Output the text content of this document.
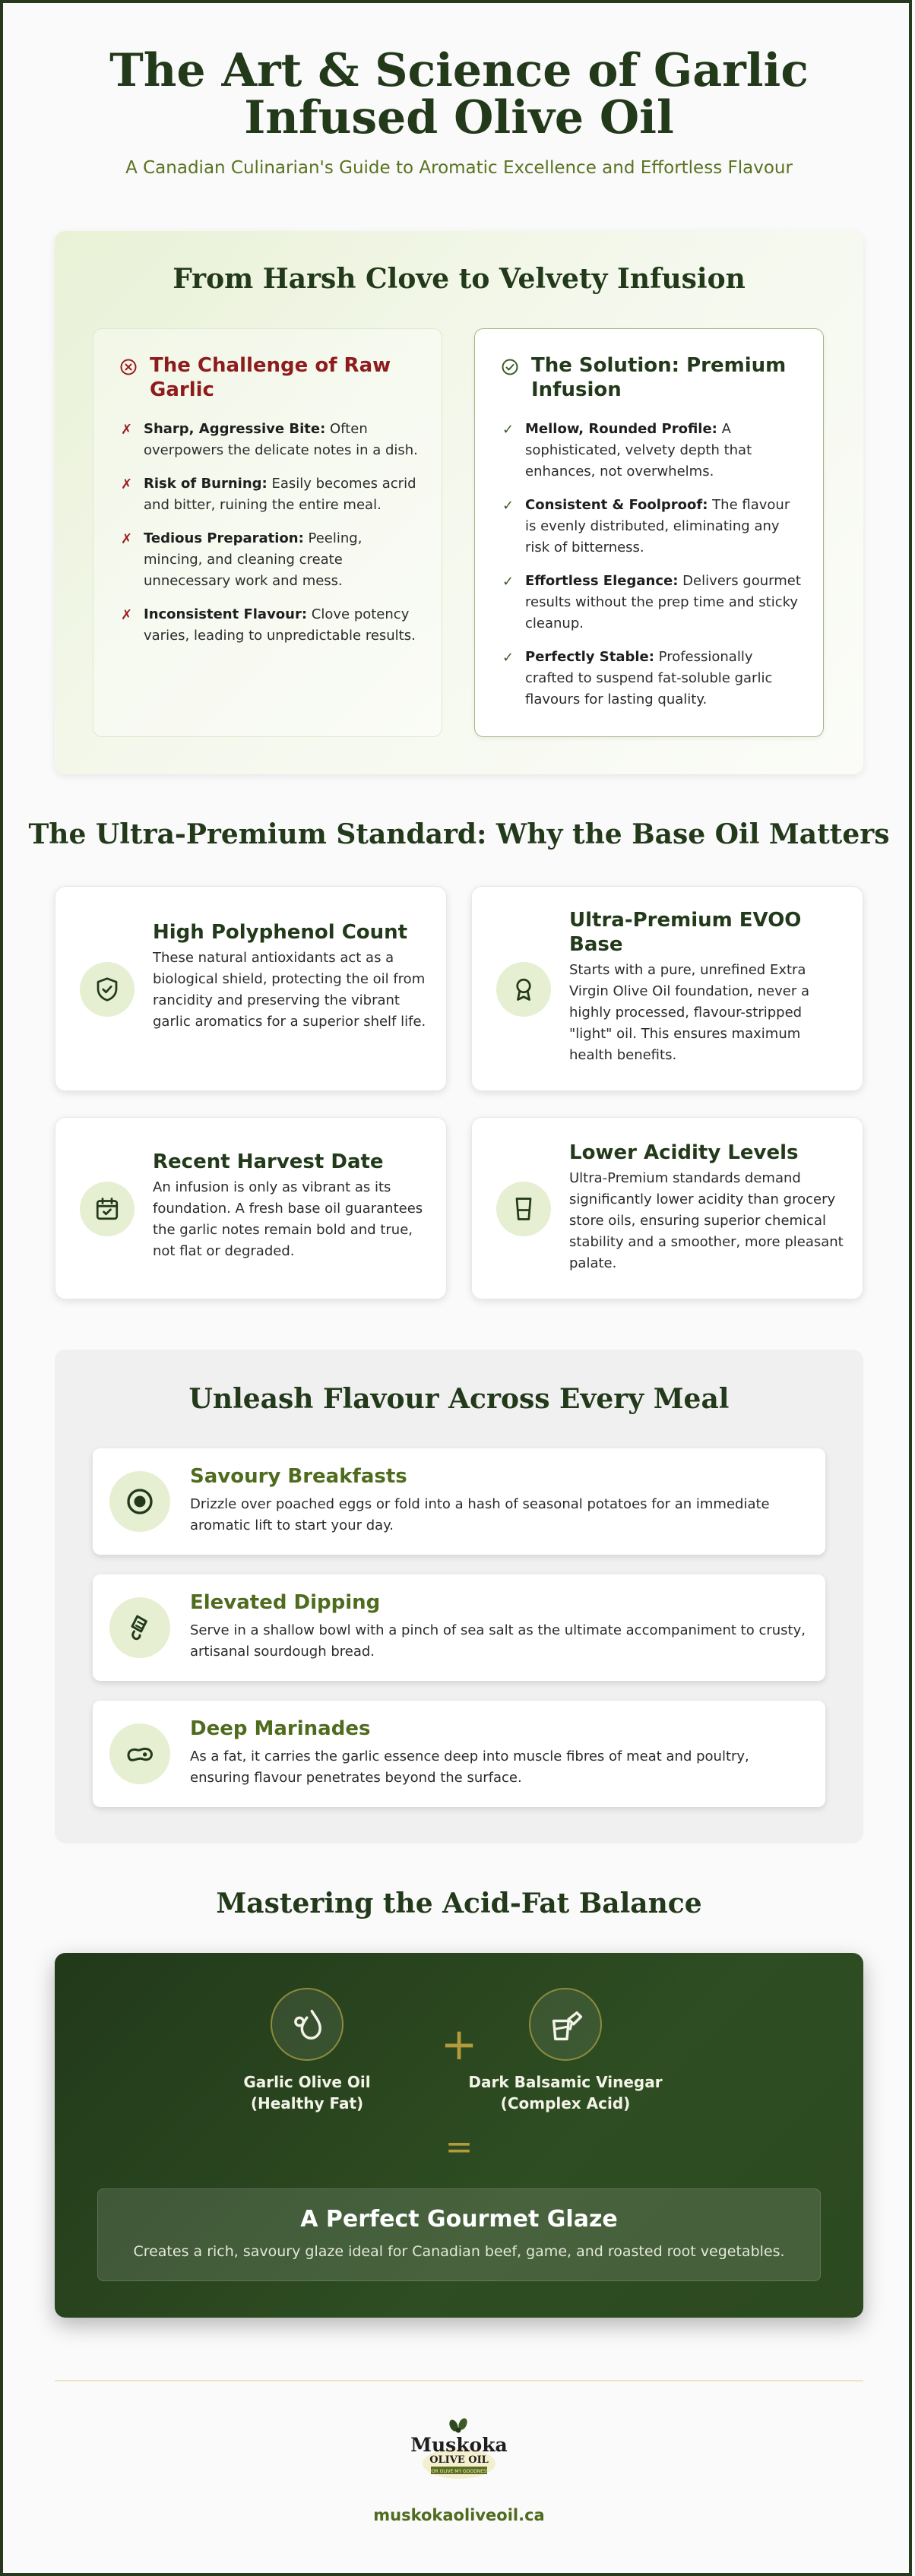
The Art & Science of Garlic Infused Olive Oil
A Canadian Culinarian's Guide to Aromatic Excellence and Effortless Flavour
From Harsh Clove to Velvety Infusion
The Challenge of Raw Garlic
✗ Sharp, Aggressive Bite: Often overpowers the delicate notes in a dish.
✗ Risk of Burning: Easily becomes acrid and bitter, ruining the entire meal.
✗ Tedious Preparation: Peeling, mincing, and cleaning create unnecessary work and mess.
✗ Inconsistent Flavour: Clove potency varies, leading to unpredictable results.
The Solution: Premium Infusion
✓ Mellow, Rounded Profile: A sophisticated, velvety depth that enhances, not overwhelms.
✓ Consistent & Foolproof: The flavour is evenly distributed, eliminating any risk of bitterness.
✓ Effortless Elegance: Delivers gourmet results without the prep time and sticky cleanup.
✓ Perfectly Stable: Professionally crafted to suspend fat-soluble garlic flavours for lasting quality.
The Ultra-Premium Standard: Why the Base Oil Matters
High Polyphenol Count

These natural antioxidants act as a biological shield, protecting the oil from rancidity and preserving the vibrant garlic aromatics for a superior shelf life.

Ultra-Premium EVOO Base

Starts with a pure, unrefined Extra Virgin Olive Oil foundation, never a highly processed, flavour-stripped "light" oil. This ensures maximum health benefits.

Recent Harvest Date

An infusion is only as vibrant as its foundation. A fresh base oil guarantees the garlic notes remain bold and true, not flat or degraded.

Lower Acidity Levels

Ultra-Premium standards demand significantly lower acidity than grocery store oils, ensuring superior chemical stability and a smoother, more pleasant palate.

Unleash Flavour Across Every Meal
Savoury Breakfasts

Drizzle over poached eggs or fold into a hash of seasonal potatoes for an immediate aromatic lift to start your day.

Elevated Dipping

Serve in a shallow bowl with a pinch of sea salt as the ultimate accompaniment to crusty, artisanal sourdough bread.

Deep Marinades

As a fat, it carries the garlic essence deep into muscle fibres of meat and poultry, ensuring flavour penetrates beyond the surface.

Mastering the Acid-Fat Balance
Garlic Olive Oil
(Healthy Fat)
+
Dark Balsamic Vinegar
(Complex Acid)
=
A Perfect Gourmet Glaze

Creates a rich, savoury glaze ideal for Canadian beef, game, and roasted root vegetables.

Muskoka
OLIVE OIL
FOR OLIVE MY GOODNESS
muskokaoliveoil.ca
